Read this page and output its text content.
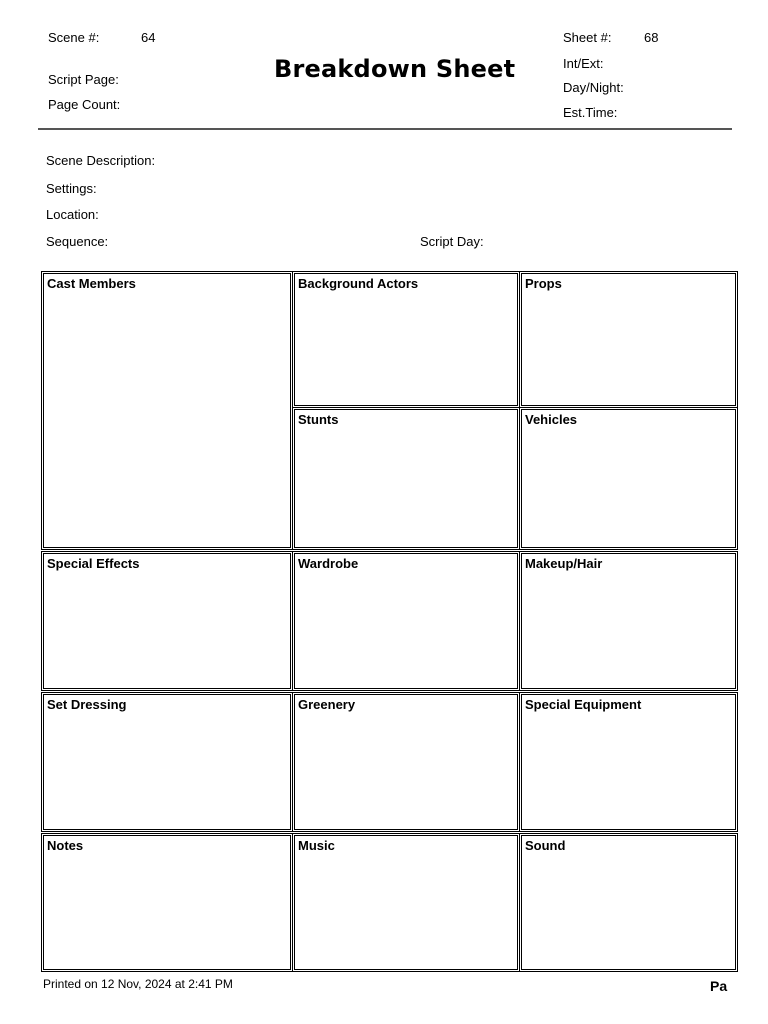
Scene #:	64
Script Page:
Page Count:
Breakdown Sheet
Sheet #:	68
Int/Ext:
Day/Night:
Est.Time:
Scene Description:
Settings:
Location:
Sequence:	Script Day:
Cast Members	Background Actors	Props
Stunts	Vehicles
Special Effects	Wardrobe	Makeup/Hair
Set Dressing	Greenery	Special Equipment
Notes	Music	Sound
Printed on 12 Nov, 2024 at 2:41 PM	Pa
